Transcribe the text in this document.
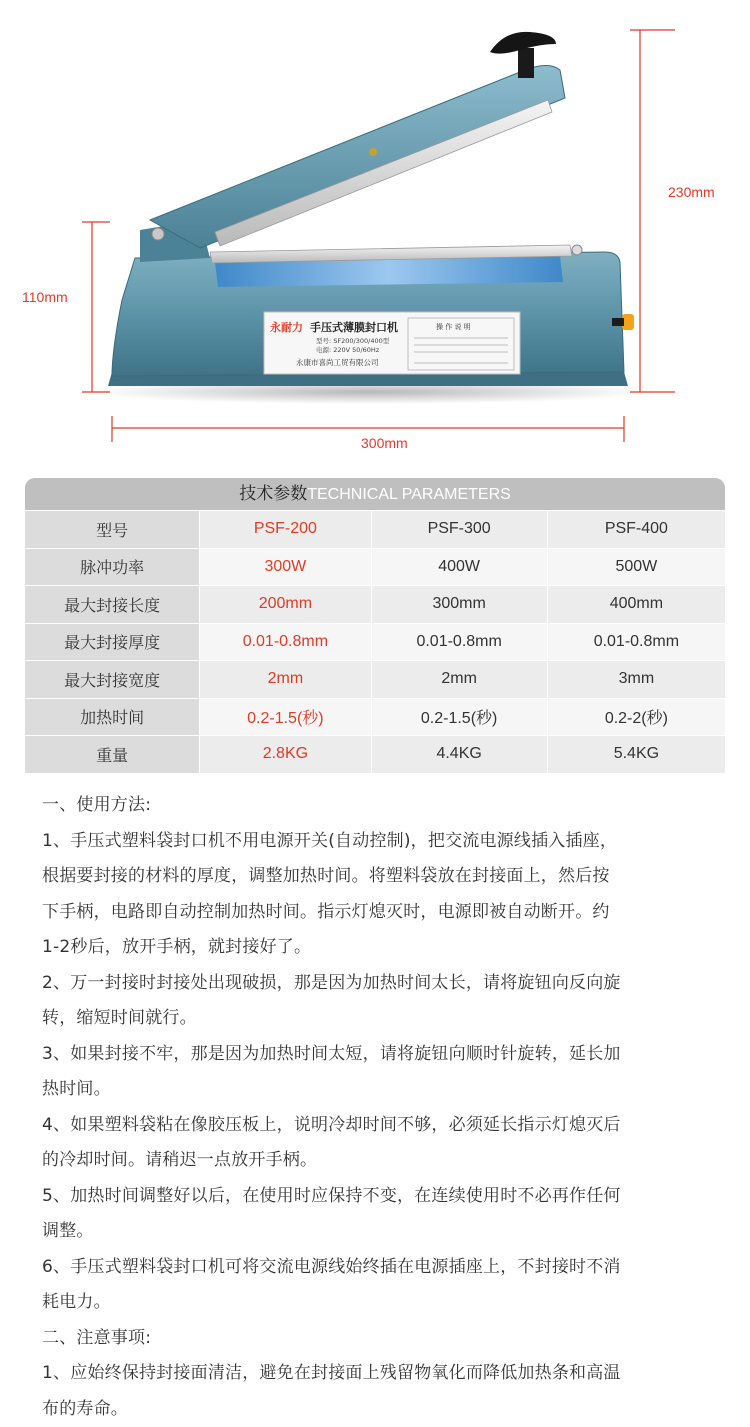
永耐力 手压式薄膜封口机
型号: SF200/300/400型
电源: 220V 50/60Hz
永康市喜尚工贸有限公司
操 作 说 明
230mm
110mm
300mm
技术参数TECHNICAL PARAMETERS
型号	PSF-200	PSF-300	PSF-400
脉冲功率	300W	400W	500W
最大封接长度	200mm	300mm	400mm
最大封接厚度	0.01-0.8mm	0.01-0.8mm	0.01-0.8mm
最大封接宽度	2mm	2mm	3mm
加热时间	0.2-1.5(秒)	0.2-1.5(秒)	0.2-2(秒)
重量	2.8KG	4.4KG	5.4KG

一、使用方法:

1、手压式塑料袋封口机不用电源开关(自动控制)，把交流电源线插入插座，

根据要封接的材料的厚度，调整加热时间。将塑料袋放在封接面上，然后按

下手柄，电路即自动控制加热时间。指示灯熄灭时，电源即被自动断开。约

1-2秒后，放开手柄，就封接好了。

2、万一封接时封接处出现破损，那是因为加热时间太长，请将旋钮向反向旋

转，缩短时间就行。

3、如果封接不牢，那是因为加热时间太短，请将旋钮向顺时针旋转，延长加

热时间。

4、如果塑料袋粘在像胶压板上，说明冷却时间不够，必须延长指示灯熄灭后

的冷却时间。请稍迟一点放开手柄。

5、加热时间调整好以后，在使用时应保持不变，在连续使用时不必再作任何

调整。

6、手压式塑料袋封口机可将交流电源线始终插在电源插座上，不封接时不消

耗电力。

二、注意事项:

1、应始终保持封接面清洁，避免在封接面上残留物氧化而降低加热条和高温

布的寿命。
